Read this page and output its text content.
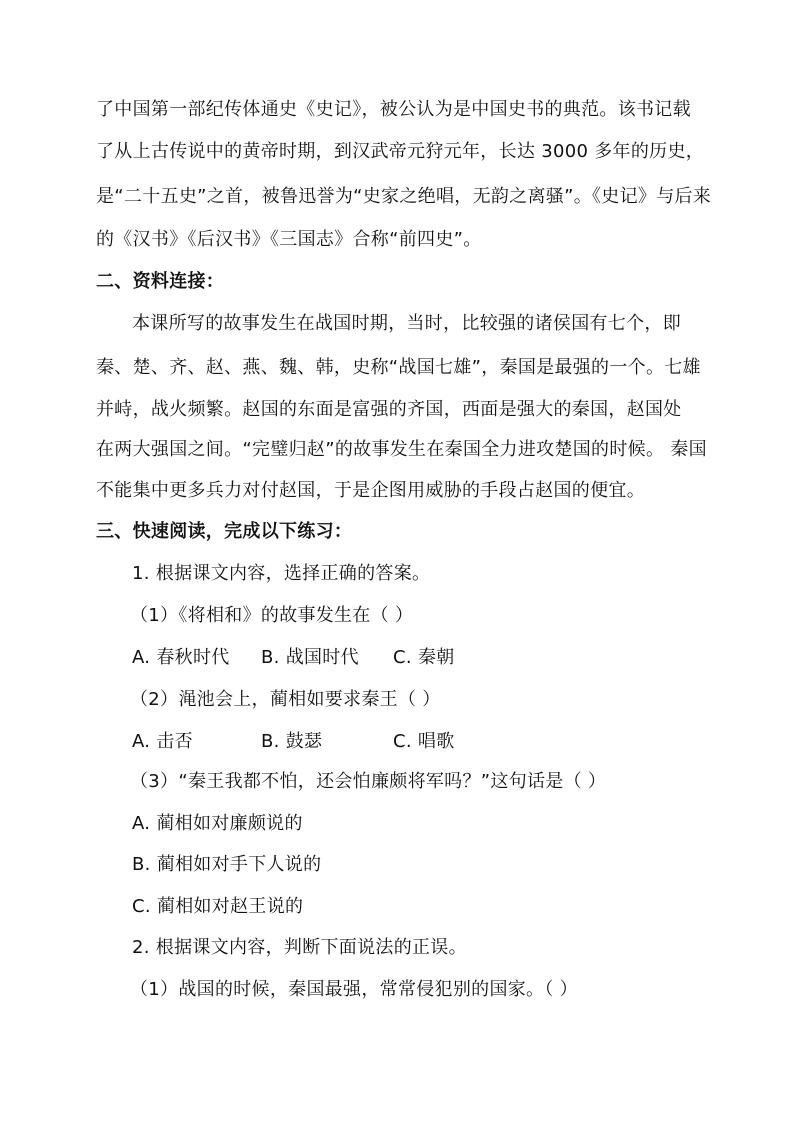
了中国第一部纪传体通史《史记》，被公认为是中国史书的典范。该书记载
了从上古传说中的黄帝时期，到汉武帝元狩元年，长达 3000 多年的历史，
是“二十五史”之首，被鲁迅誉为“史家之绝唱，无韵之离骚”。《史记》与后来
的《汉书》《后汉书》《三国志》合称“前四史”。
二、资料连接：
本课所写的故事发生在战国时期，当时，比较强的诸侯国有七个，即
秦、楚、齐、赵、燕、魏、韩，史称“战国七雄”，秦国是最强的一个。七雄
并峙，战火频繁。赵国的东面是富强的齐国，西面是强大的秦国，赵国处
在两大强国之间。“完璧归赵”的故事发生在秦国全力进攻楚国的时候。 秦国
不能集中更多兵力对付赵国，于是企图用威胁的手段占赵国的便宜。
三、快速阅读，完成以下练习：
1. 根据课文内容，选择正确的答案。
（1）《将相和》的故事发生在（ ）
A. 春秋时代	B. 战国时代	C. 秦朝
（2）渑池会上，蔺相如要求秦王（ ）
A. 击否	B. 鼓瑟	C. 唱歌
（3）“秦王我都不怕，还会怕廉颇将军吗？”这句话是（ ）
A. 蔺相如对廉颇说的
B. 蔺相如对手下人说的
C. 蔺相如对赵王说的
2. 根据课文内容，判断下面说法的正误。
（1）战国的时候，秦国最强，常常侵犯别的国家。（ ）
